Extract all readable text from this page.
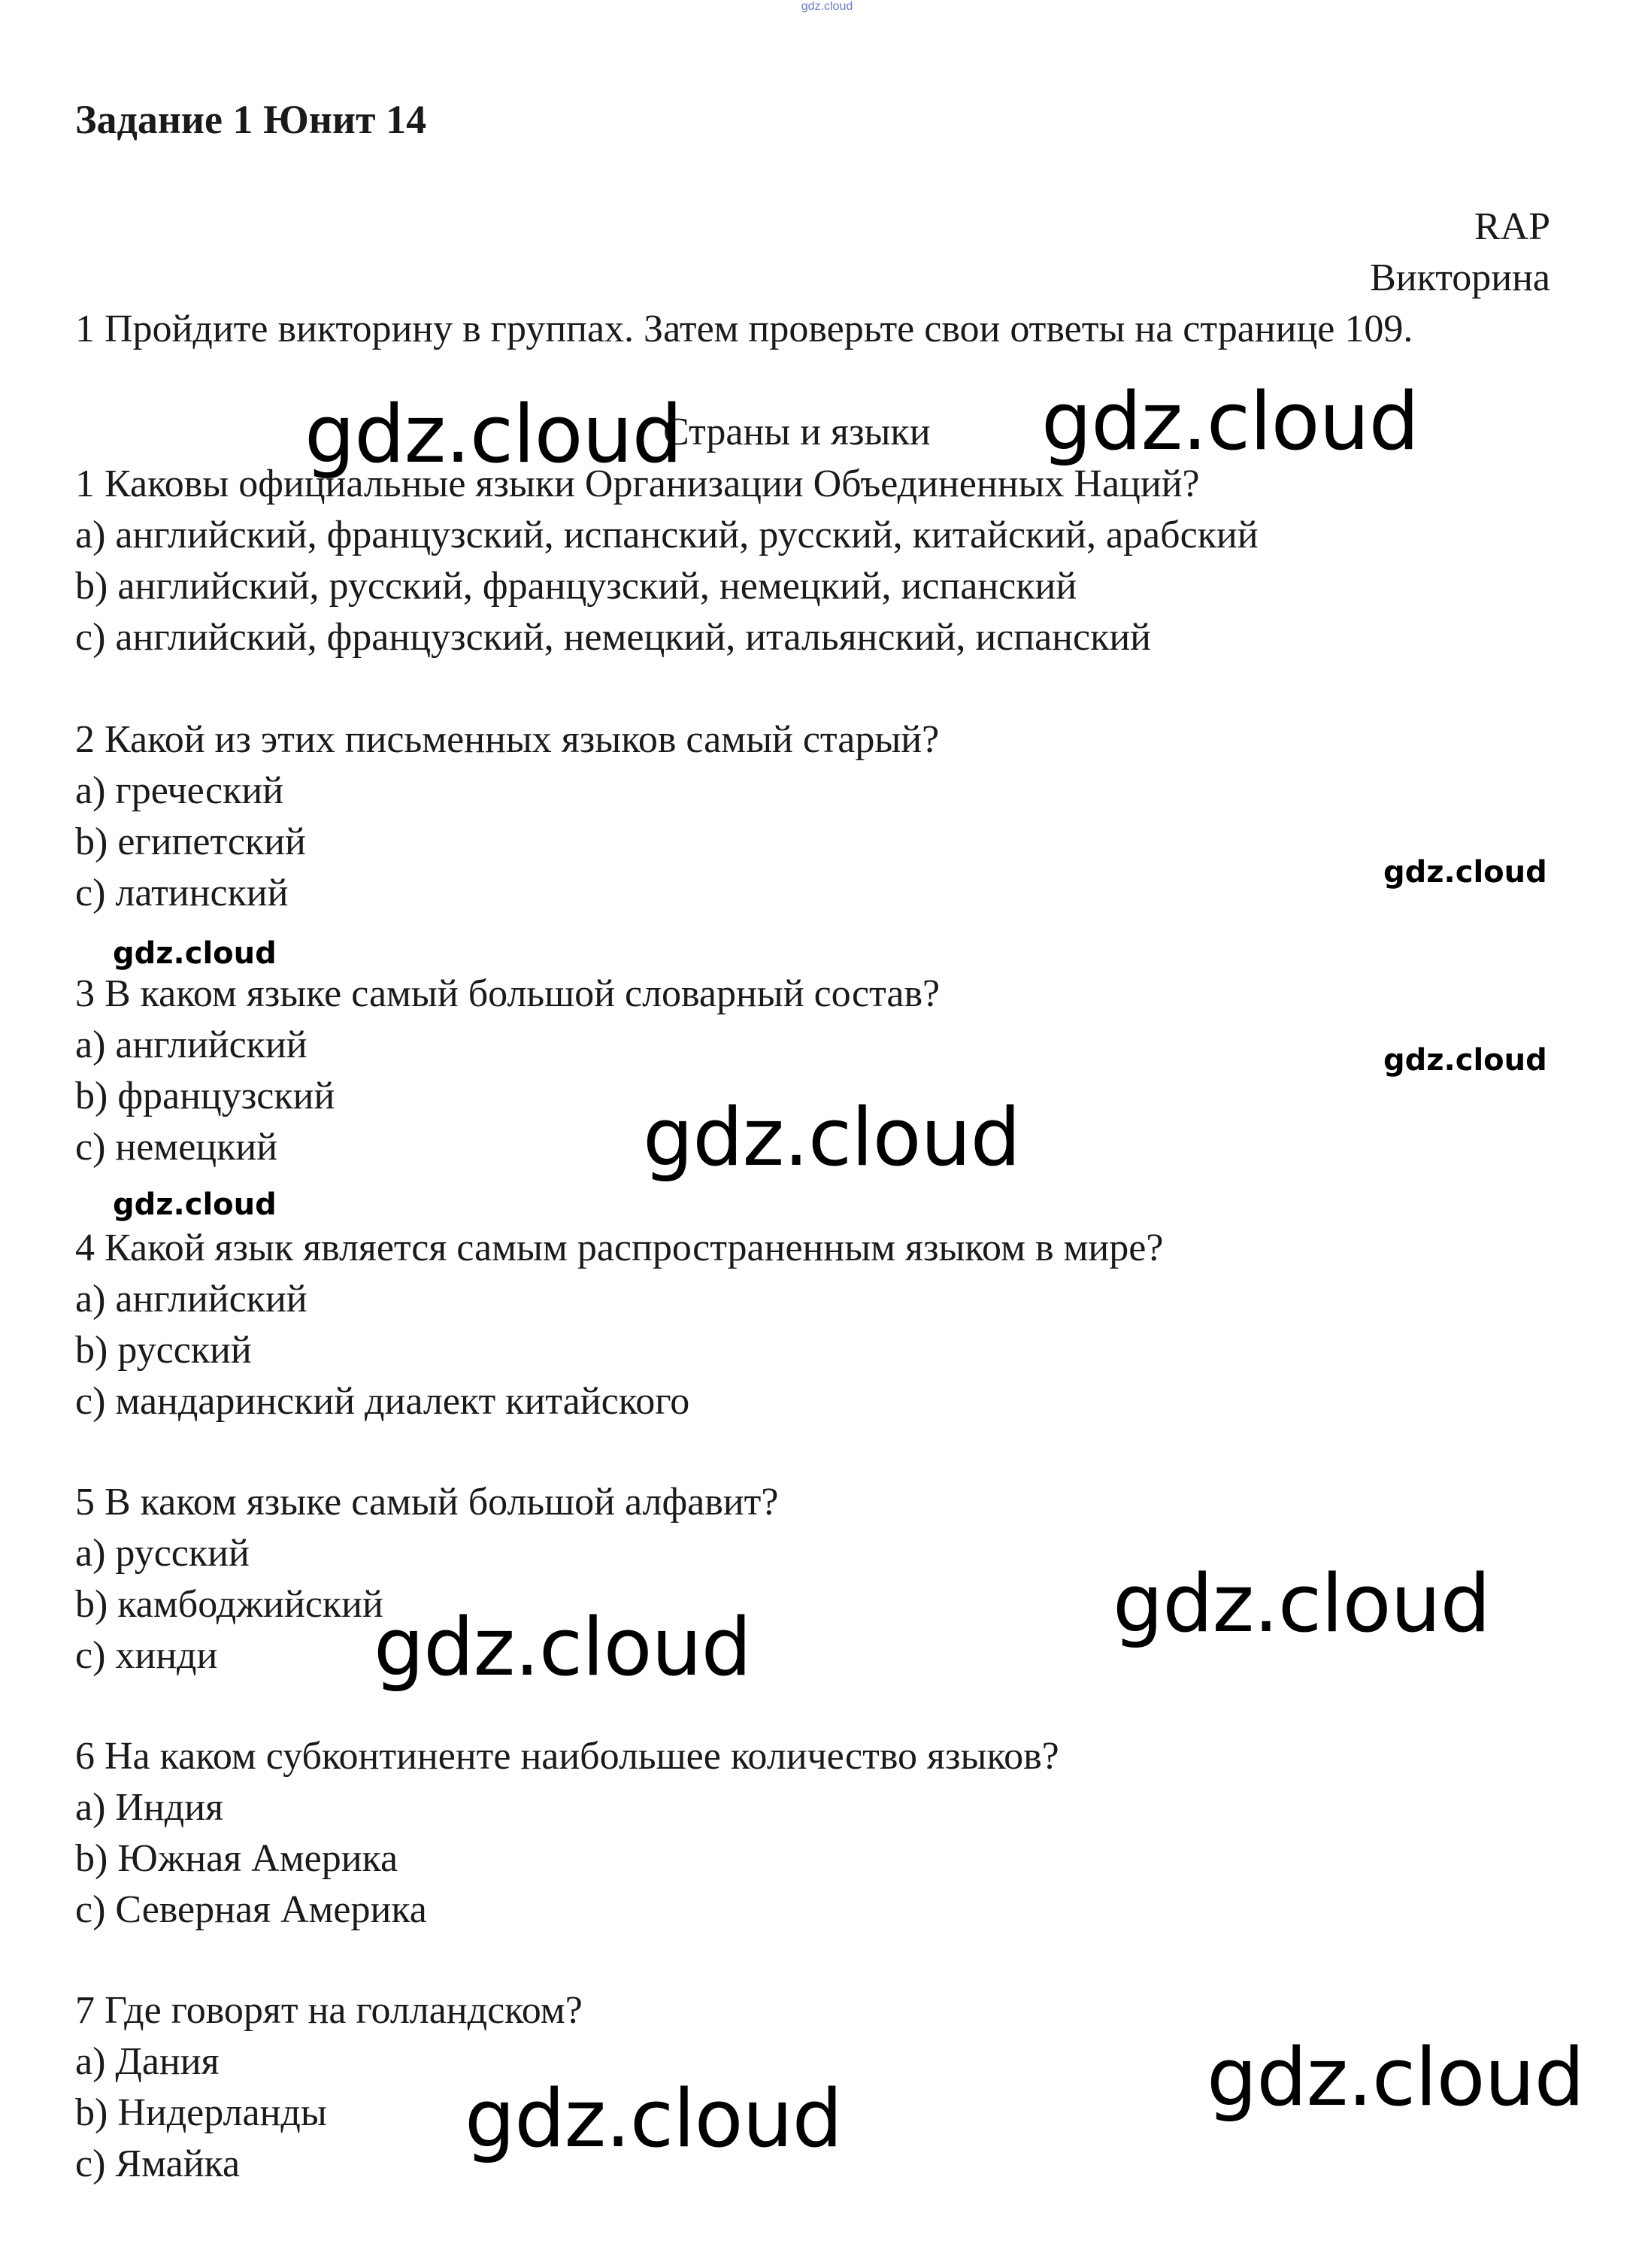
gdz.cloud
Задание 1 Юнит 14
RAP
Викторина
1 Пройдите викторину в группах. Затем проверьте свои ответы на странице 109.
Страны и языки
1 Каковы официальные языки Организации Объединенных Наций?
a) английский, французский, испанский, русский, китайский, арабский
b) английский, русский, французский, немецкий, испанский
c) английский, французский, немецкий, итальянский, испанский
2 Какой из этих письменных языков самый старый?
a) греческий
b) египетский
c) латинский
3 В каком языке самый большой словарный состав?
a) английский
b) французский
c) немецкий
4 Какой язык является самым распространенным языком в мире?
a) английский
b) русский
c) мандаринский диалект китайского
5 В каком языке самый большой алфавит?
a) русский
b) камбоджийский
c) хинди
6 На каком субконтиненте наибольшее количество языков?
a) Индия
b) Южная Америка
c) Северная Америка
7 Где говорят на голландском?
a) Дания
b) Нидерланды
c) Ямайка
gdz.cloud	gdz.cloud
gdz.cloud
gdz.cloud
gdz.cloud
gdz.cloud
gdz.cloud
gdz.cloud
gdz.cloud
gdz.cloud
gdz.cloud
